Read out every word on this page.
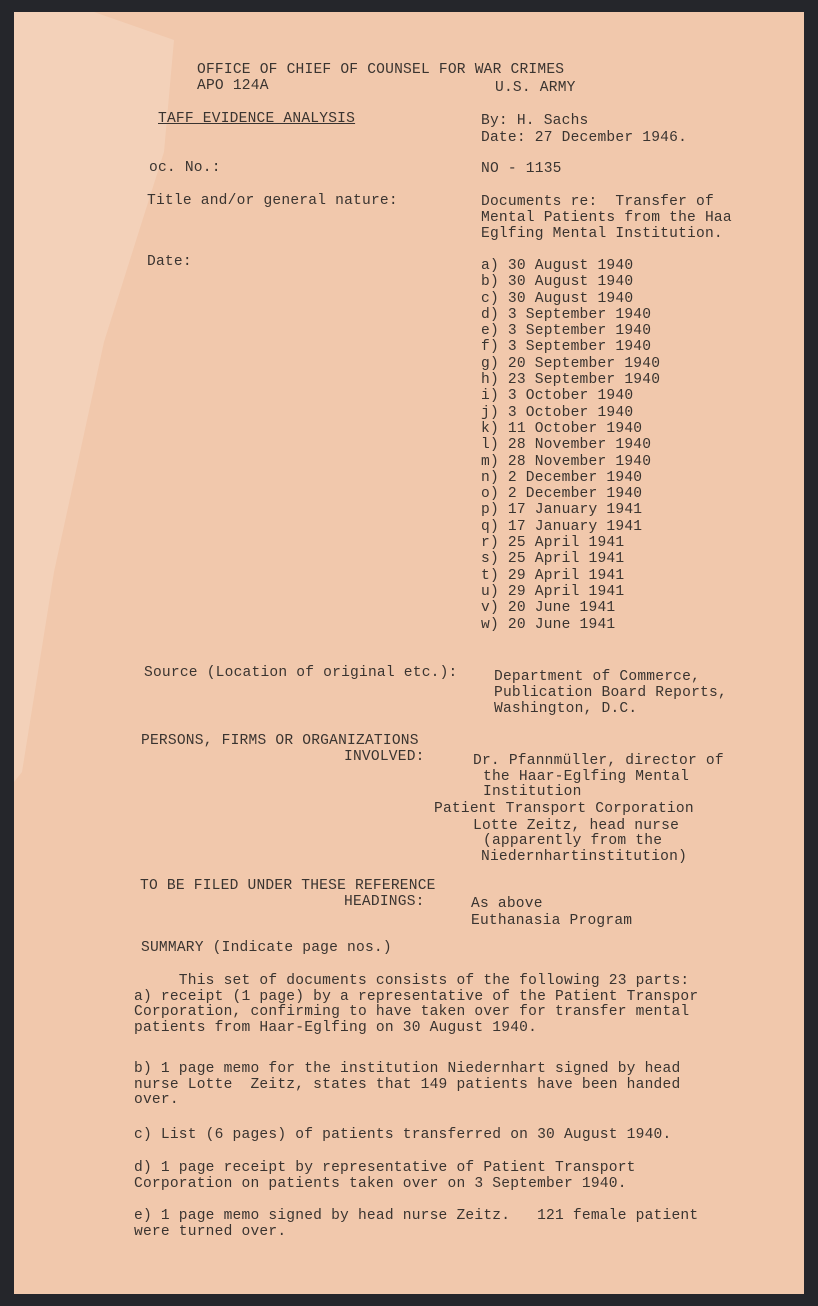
OFFICE OF CHIEF OF COUNSEL FOR WAR CRIMES
APO 124A	U.S. ARMY
TAFF EVIDENCE ANALYSIS	By: H. Sachs
Date: 27 December 1946.
oc. No.:	NO - 1135
Title and/or general nature:	Documents re:  Transfer of
Mental Patients from the Haa
Eglfing Mental Institution.
Date:	a) 30 August 1940
b) 30 August 1940
c) 30 August 1940
d) 3 September 1940
e) 3 September 1940
f) 3 September 1940
g) 20 September 1940
h) 23 September 1940
i) 3 October 1940
j) 3 October 1940
k) 11 October 1940
l) 28 November 1940
m) 28 November 1940
n) 2 December 1940
o) 2 December 1940
p) 17 January 1941
q) 17 January 1941
r) 25 April 1941
s) 25 April 1941
t) 29 April 1941
u) 29 April 1941
v) 20 June 1941
w) 20 June 1941
Source (Location of original etc.): Department of Commerce,
Publication Board Reports,
Washington, D.C.
PERSONS, FIRMS OR ORGANIZATIONS
INVOLVED:	Dr. Pfannmüller, director of
the Haar-Eglfing Mental
Institution
Patient Transport Corporation
Lotte Zeitz, head nurse
(apparently from the
Niedernhartinstitution)
TO BE FILED UNDER THESE REFERENCE
HEADINGS:	As above
Euthanasia Program
SUMMARY (Indicate page nos.)
This set of documents consists of the following 23 parts:
a) receipt (1 page) by a representative of the Patient Transpor
Corporation, confirming to have taken over for transfer mental
patients from Haar-Eglfing on 30 August 1940.
b) 1 page memo for the institution Niedernhart signed by head
nurse Lotte  Zeitz, states that 149 patients have been handed
over.
c) List (6 pages) of patients transferred on 30 August 1940.
d) 1 page receipt by representative of Patient Transport
Corporation on patients taken over on 3 September 1940.
e) 1 page memo signed by head nurse Zeitz.   121 female patient
were turned over.
